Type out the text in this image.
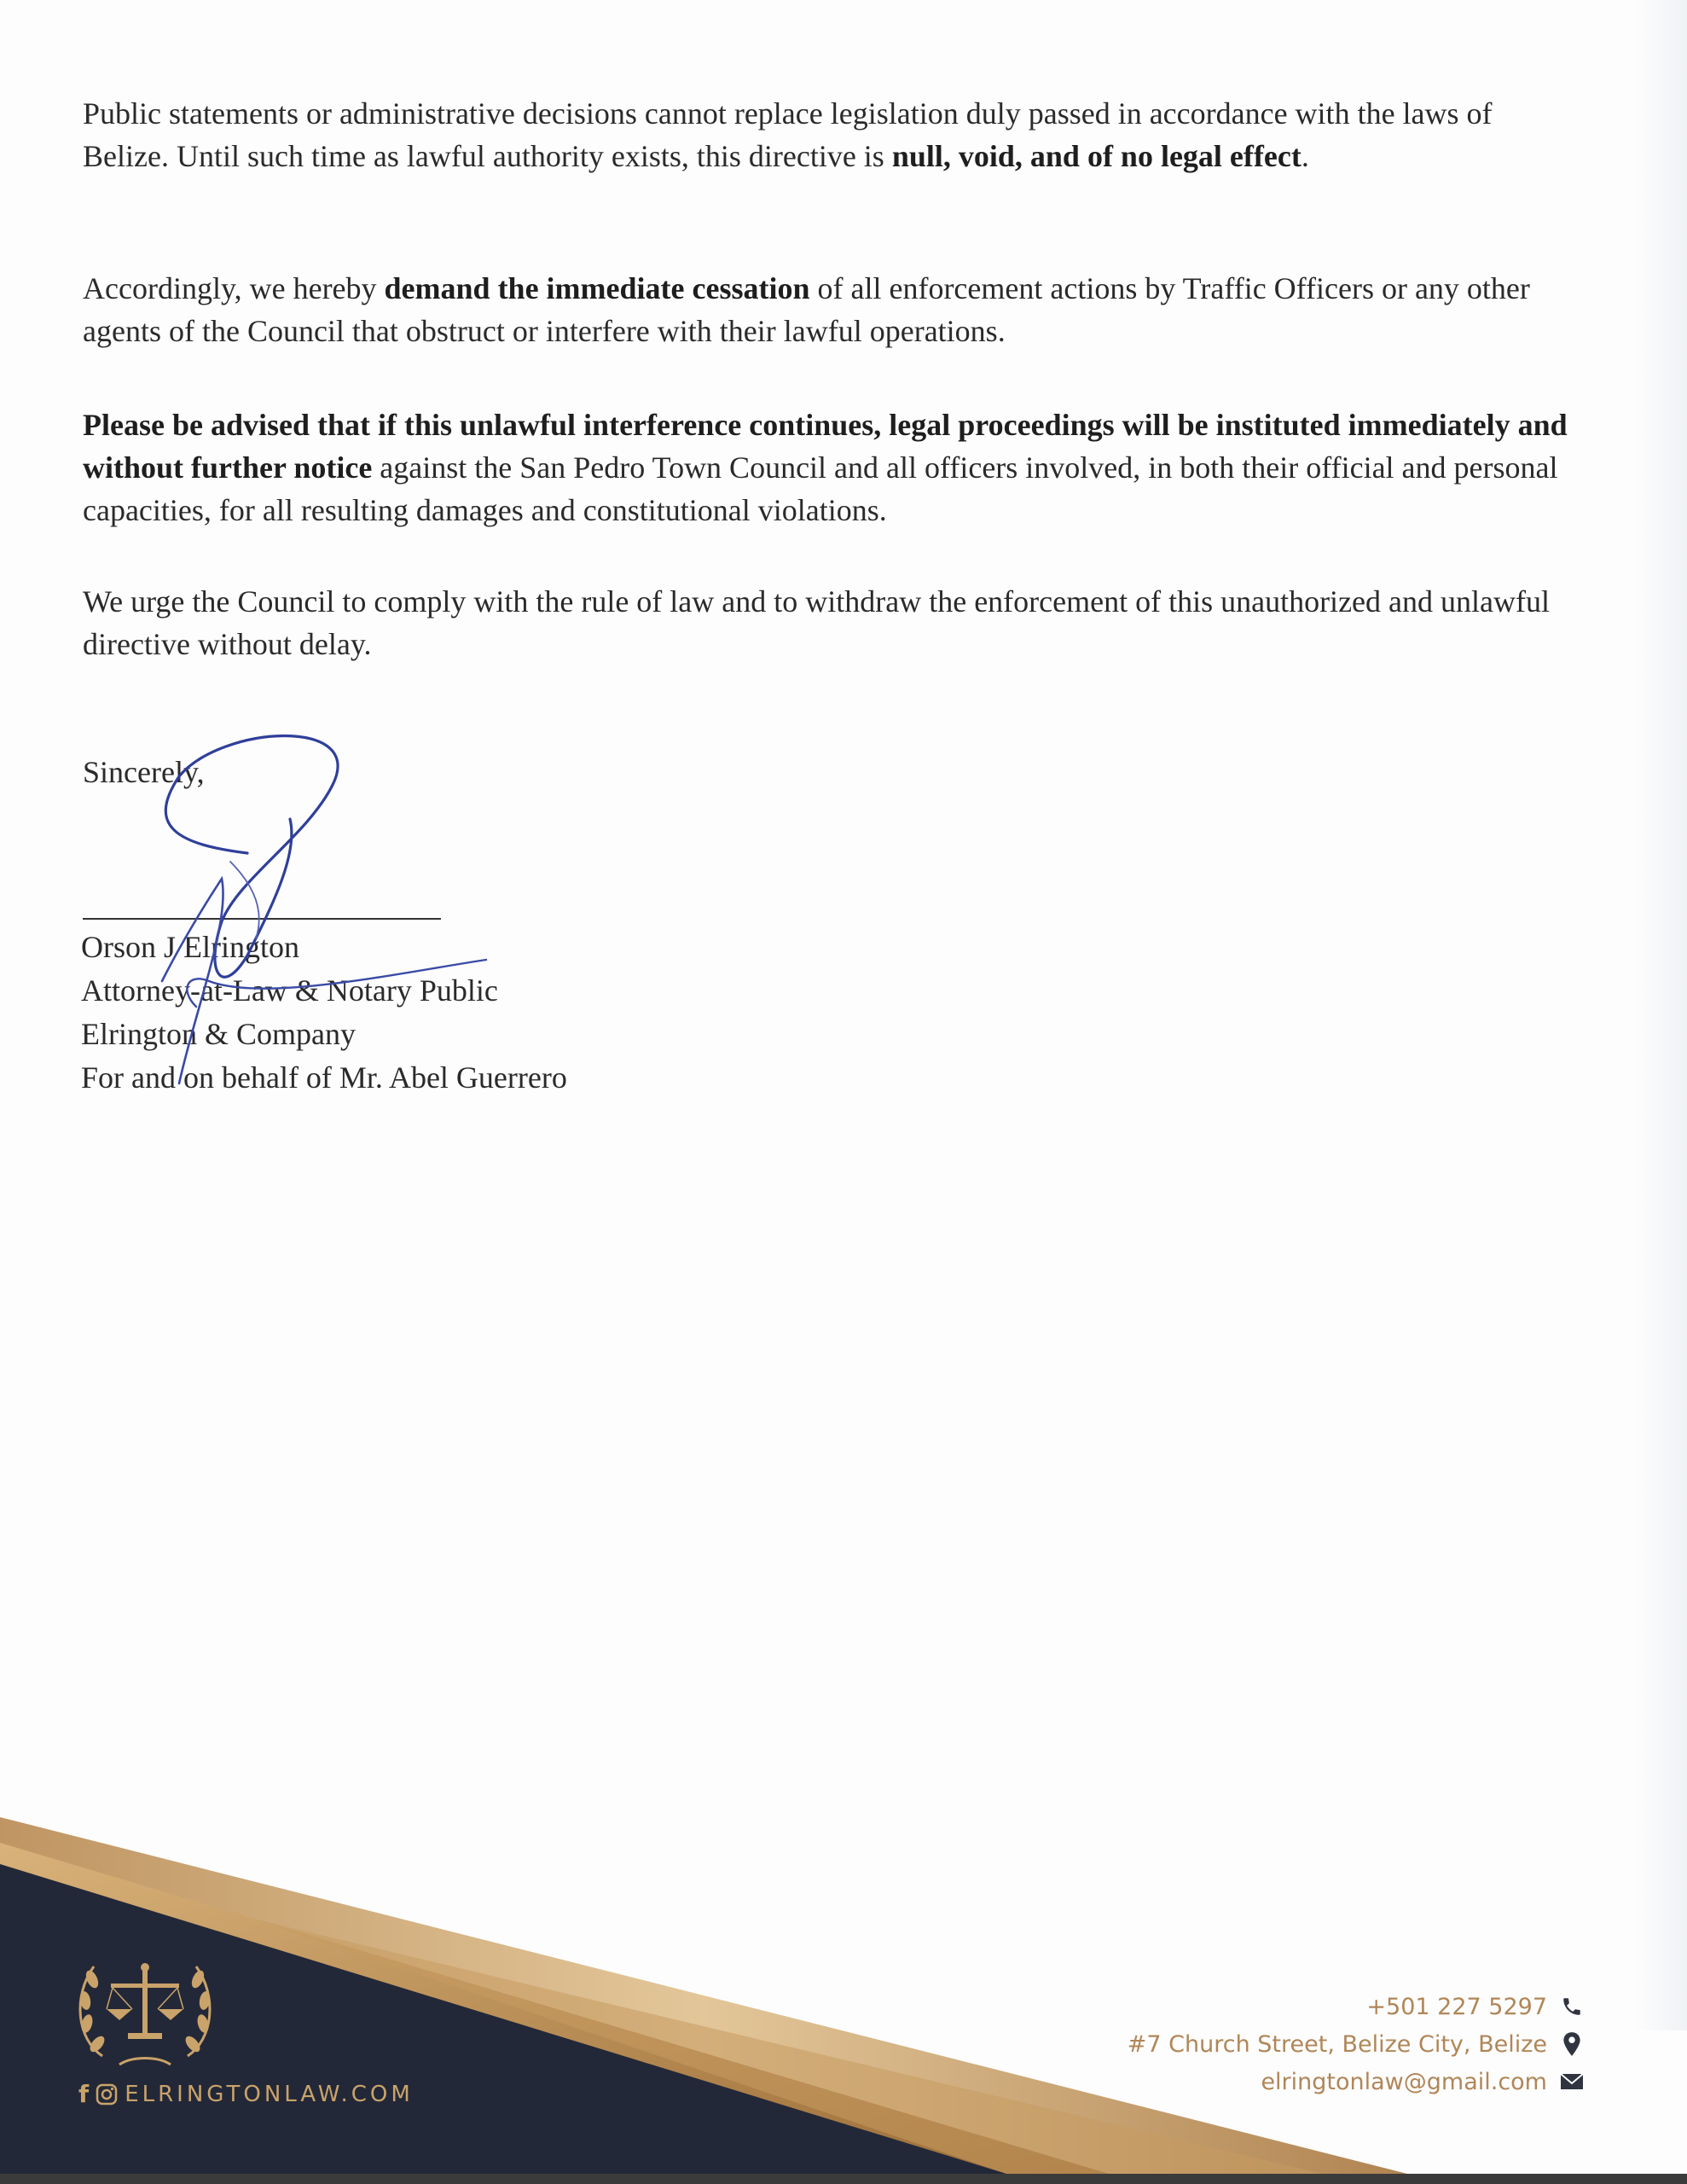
Public statements or administrative decisions cannot replace legislation duly passed in accordance with the laws of Belize. Until such time as lawful authority exists, this directive is null, void, and of no legal effect.

Accordingly, we hereby demand the immediate cessation of all enforcement actions by Traffic Officers or any other agents of the Council that obstruct or interfere with their lawful operations.

Please be advised that if this unlawful interference continues, legal proceedings will be instituted immediately and without further notice against the San Pedro Town Council and all officers involved, in both their official and personal capacities, for all resulting damages and constitutional violations.

We urge the Council to comply with the rule of law and to withdraw the enforcement of this unauthorized and unlawful directive without delay.

Sincerely,
Orson J Elrington
Attorney-at-Law & Notary Public
Elrington & Company
For and on behalf of Mr. Abel Guerrero
f ELRINGTONLAW.COM
+501 227 5297
#7 Church Street, Belize City, Belize
elringtonlaw@gmail.com
